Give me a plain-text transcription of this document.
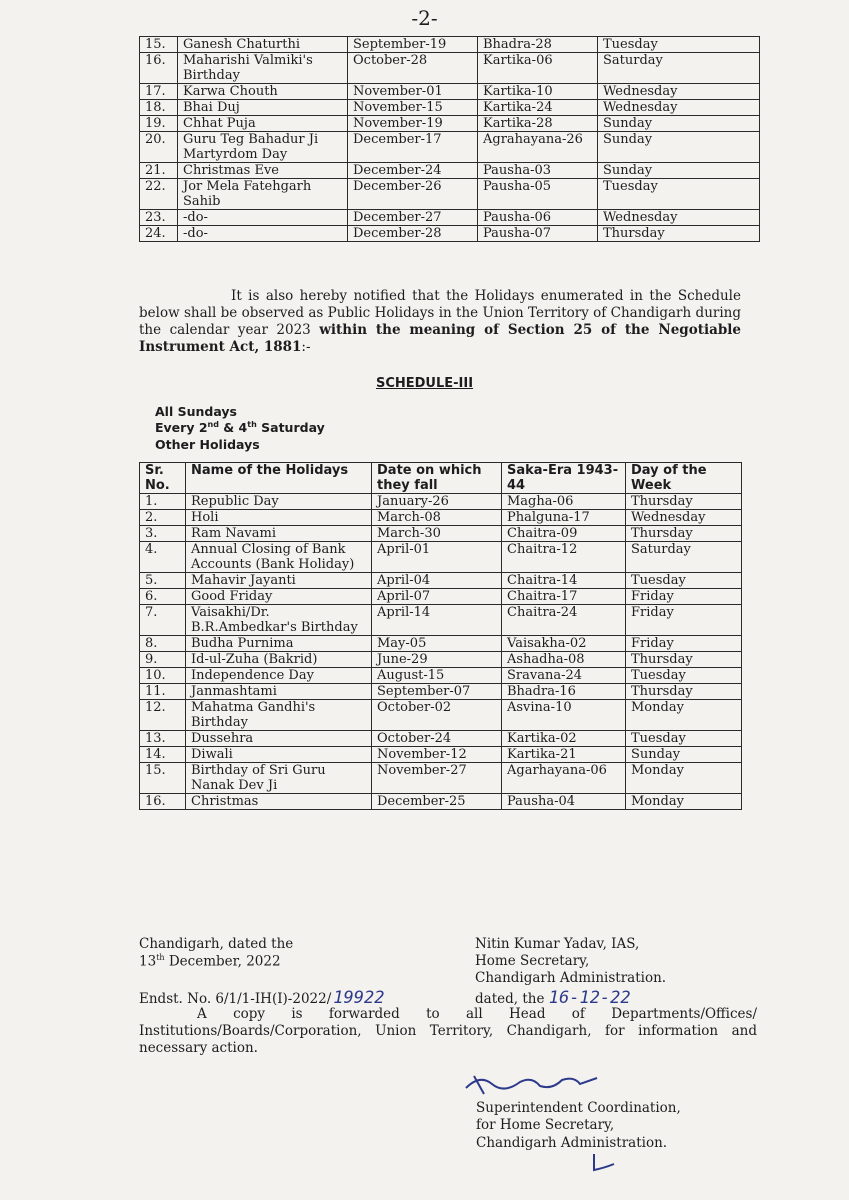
-2-
15.	Ganesh Chaturthi	September-19	Bhadra-28	Tuesday
16.	Maharishi Valmiki's Birthday	October-28	Kartika-06	Saturday
17.	Karwa Chouth	November-01	Kartika-10	Wednesday
18.	Bhai Duj	November-15	Kartika-24	Wednesday
19.	Chhat Puja	November-19	Kartika-28	Sunday
20.	Guru Teg Bahadur Ji Martyrdom Day	December-17	Agrahayana-26	Sunday
21.	Christmas Eve	December-24	Pausha-03	Sunday
22.	Jor Mela Fatehgarh Sahib	December-26	Pausha-05	Tuesday
23.	-do-	December-27	Pausha-06	Wednesday
24.	-do-	December-28	Pausha-07	Thursday
It is also hereby notified that the Holidays enumerated in the Schedule below shall be observed as Public Holidays in the Union Territory of Chandigarh during the calendar year 2023 within the meaning of Section 25 of the Negotiable Instrument Act, 1881:-
SCHEDULE-III
All Sundays
Every 2nd & 4th Saturday
Other Holidays
Sr. No.	Name of the Holidays	Date on which they fall	Saka-Era 1943-44	Day of the Week
1.	Republic Day	January-26	Magha-06	Thursday
2.	Holi	March-08	Phalguna-17	Wednesday
3.	Ram Navami	March-30	Chaitra-09	Thursday
4.	Annual Closing of Bank Accounts (Bank Holiday)	April-01	Chaitra-12	Saturday
5.	Mahavir Jayanti	April-04	Chaitra-14	Tuesday
6.	Good Friday	April-07	Chaitra-17	Friday
7.	Vaisakhi/Dr. B.R.Ambedkar's Birthday	April-14	Chaitra-24	Friday
8.	Budha Purnima	May-05	Vaisakha-02	Friday
9.	Id-ul-Zuha (Bakrid)	June-29	Ashadha-08	Thursday
10.	Independence Day	August-15	Sravana-24	Tuesday
11.	Janmashtami	September-07	Bhadra-16	Thursday
12.	Mahatma Gandhi's Birthday	October-02	Asvina-10	Monday
13.	Dussehra	October-24	Kartika-02	Tuesday
14.	Diwali	November-12	Kartika-21	Sunday
15.	Birthday of Sri Guru Nanak Dev Ji	November-27	Agarhayana-06	Monday
16.	Christmas	December-25	Pausha-04	Monday
Chandigarh, dated the
13th December, 2022
Nitin Kumar Yadav, IAS,
Home Secretary,
Chandigarh Administration.
Endst. No. 6/1/1-IH(I)-2022/ 19922	dated, the 16-12-22
A copy is forwarded to all Head of Departments/Offices/ Institutions/Boards/Corporation, Union Territory, Chandigarh, for information and necessary action.
Superintendent Coordination,
for Home Secretary,
Chandigarh Administration.
